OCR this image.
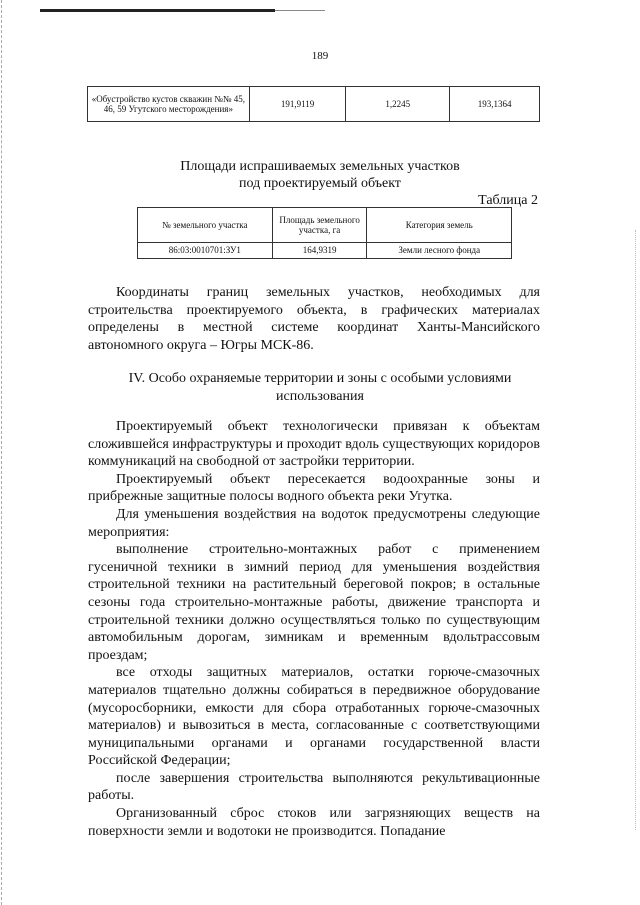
189
«Обустройство кустов скважин №№ 45, 46, 59 Угутского месторождения»	191,9119	1,2245	193,1364
Площади испрашиваемых земельных участков
под проектируемый объект
Таблица 2
№ земельного участка	Площадь земельного участка, га	Категория земель
86:03:0010701:ЗУ1	164,9319	Земли лесного фонда

Координаты границ земельных участков, необходимых для строительства проектируемого объекта, в графических материалах определены в местной системе координат Ханты-Мансийского автономного округа – Югры МСК-86.

IV. Особо охраняемые территории и зоны с особыми условиями
использования

Проектируемый объект технологически привязан к объектам сложившейся инфраструктуры и проходит вдоль существующих коридоров коммуникаций на свободной от застройки территории.

Проектируемый объект пересекается водоохранные зоны и прибрежные защитные полосы водного объекта реки Угутка.

Для уменьшения воздействия на водоток предусмотрены следующие мероприятия:

выполнение строительно-монтажных работ с применением гусеничной техники в зимний период для уменьшения воздействия строительной техники на растительный береговой покров; в остальные сезоны года строительно-монтажные работы, движение транспорта и строительной техники должно осуществляться только по существующим автомобильным дорогам, зимникам и временным вдольтрассовым проездам;

все отходы защитных материалов, остатки горюче-смазочных материалов тщательно должны собираться в передвижное оборудование (мусоросборники, емкости для сбора отработанных горюче-смазочных материалов) и вывозиться в места, согласованные с соответствующими муниципальными органами и органами государственной власти Российской Федерации;

после завершения строительства выполняются рекультивационные работы.

Организованный сброс стоков или загрязняющих веществ на поверхности земли и водотоки не производится. Попадание
